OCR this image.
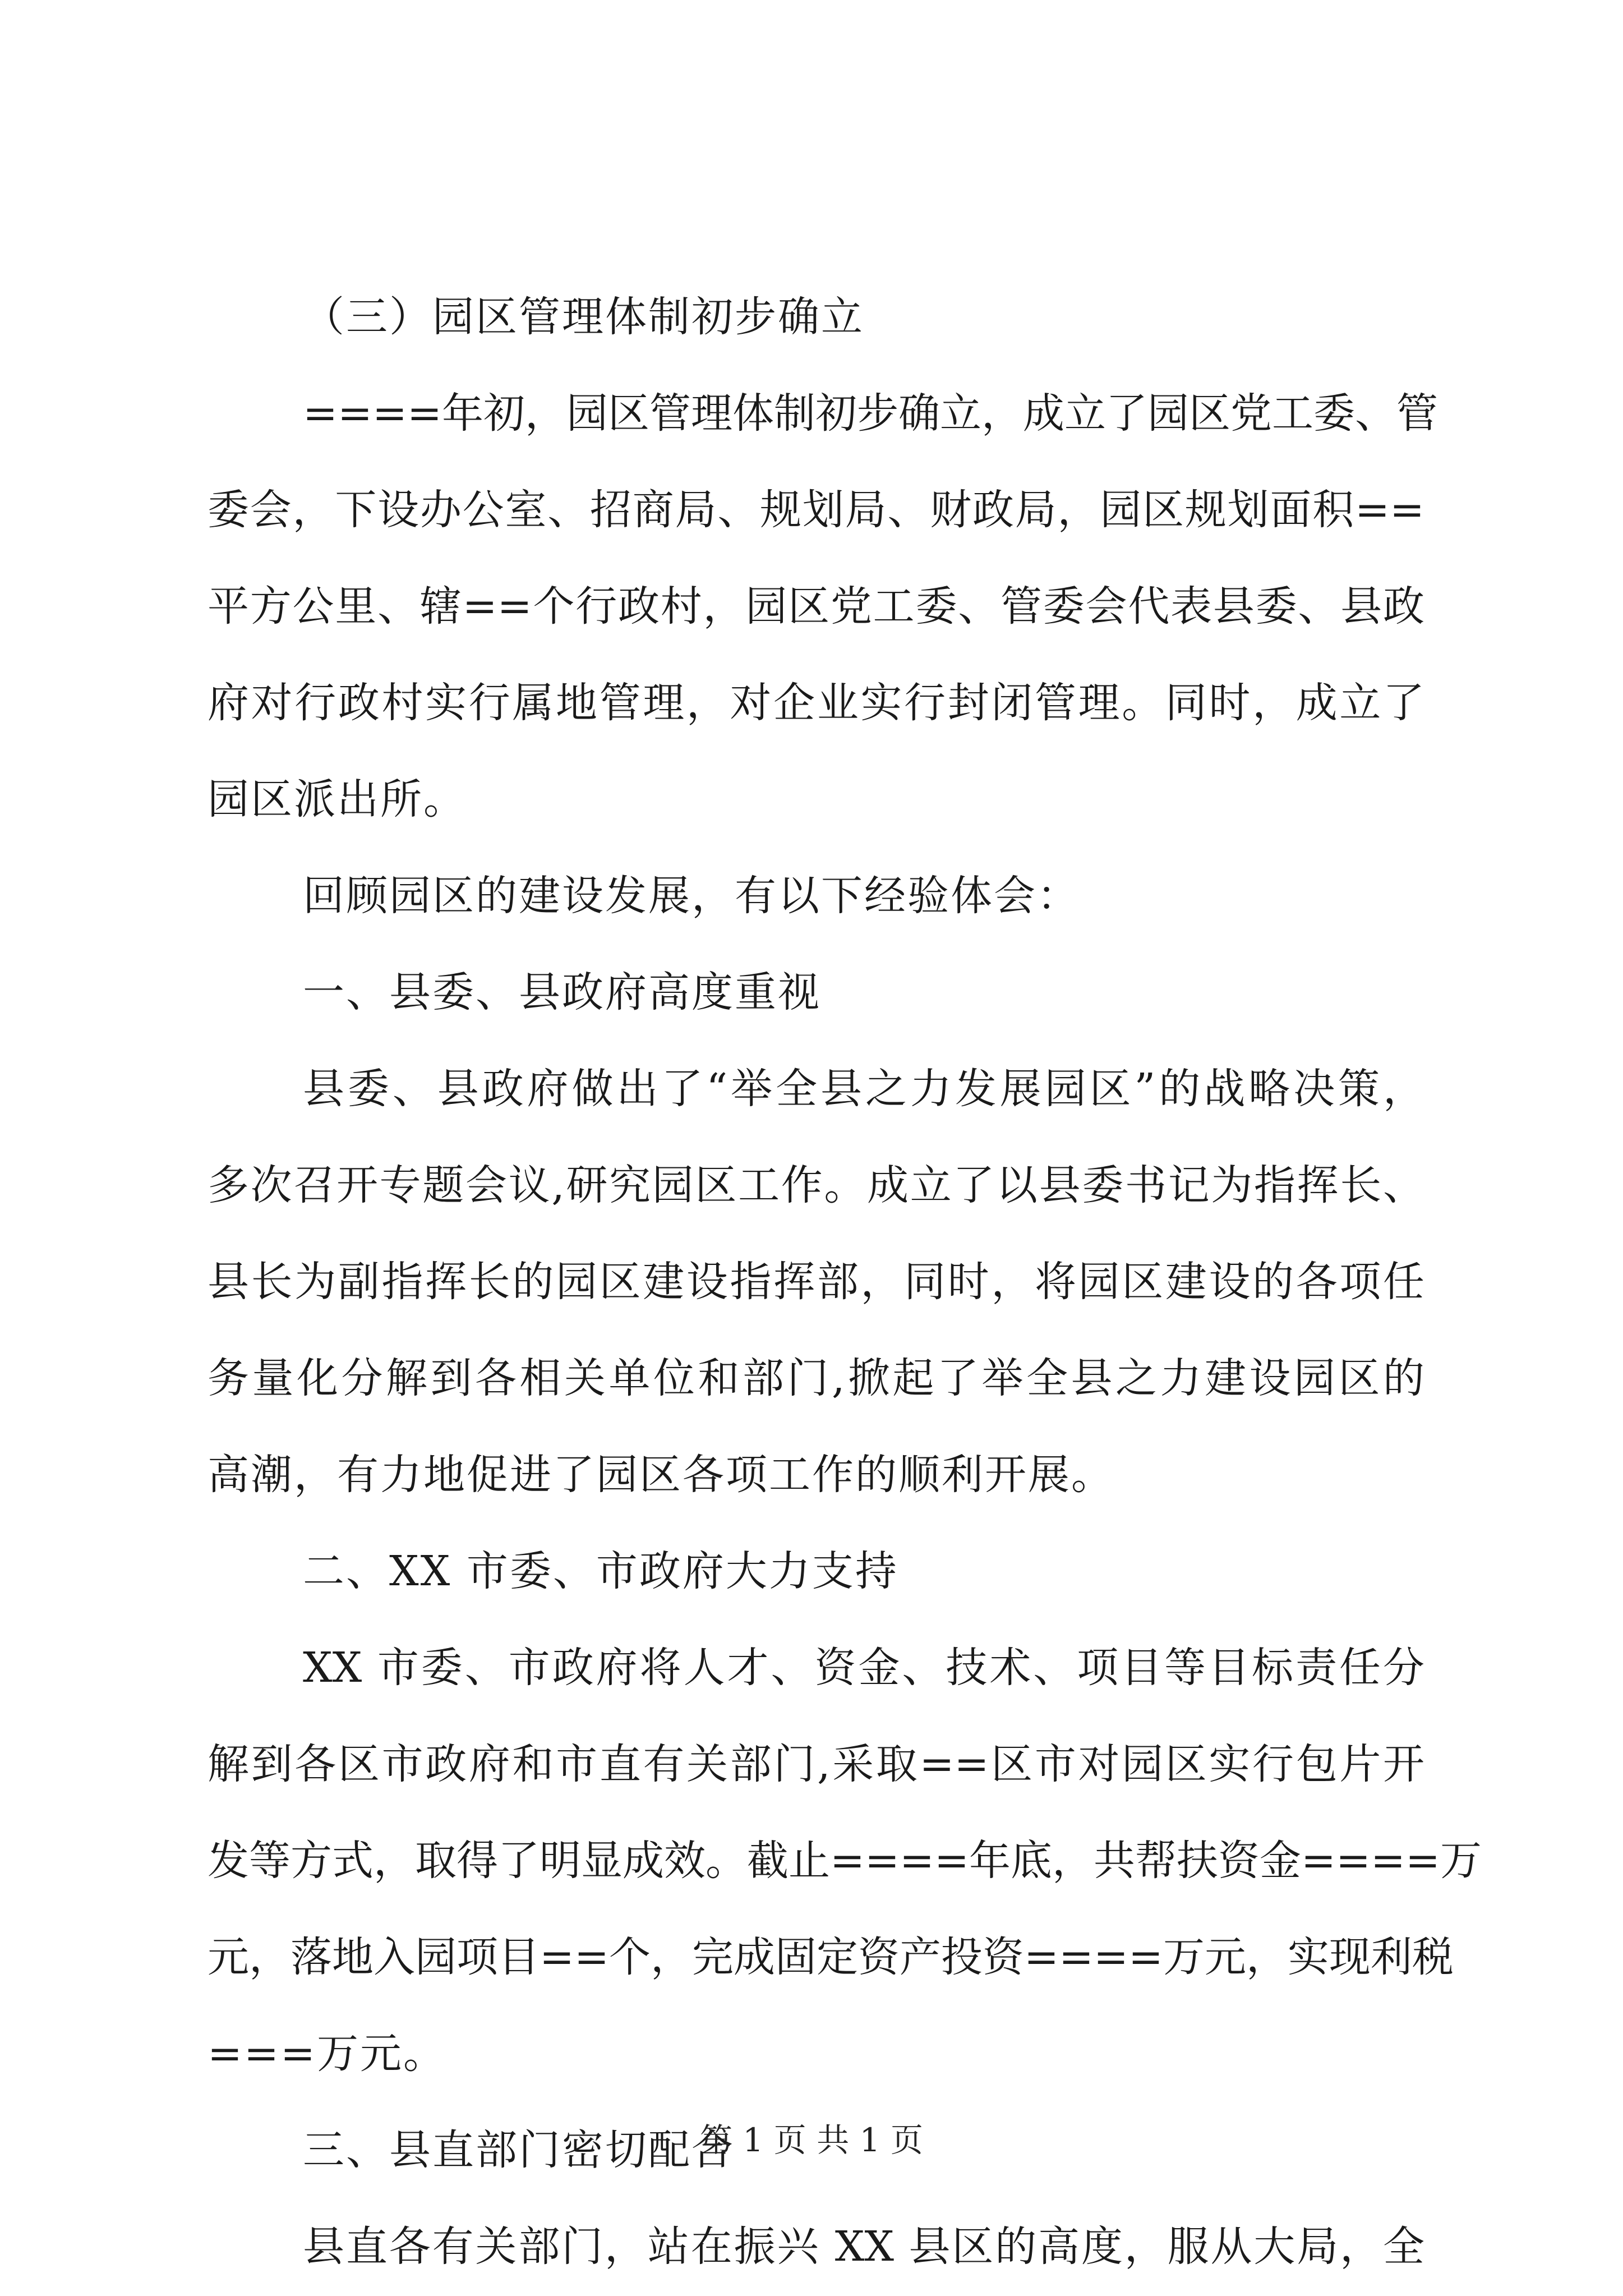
（三）园区管理体制初步确立
====年初，园区管理体制初步确立，成立了园区党工委、管
委会，下设办公室、招商局、规划局、财政局，园区规划面积==
平方公里、辖==个行政村，园区党工委、管委会代表县委、县政
府对行政村实行属地管理，对企业实行封闭管理。同时，成立了
园区派出所。
回顾园区的建设发展，有以下经验体会：
一、县委、县政府高度重视
县委、县政府做出了“举全县之力发展园区”的战略决策，
多次召开专题会议,研究园区工作。成立了以县委书记为指挥长、
县长为副指挥长的园区建设指挥部，同时，将园区建设的各项任
务量化分解到各相关单位和部门,掀起了举全县之力建设园区的
高潮，有力地促进了园区各项工作的顺利开展。
二、XX 市委、市政府大力支持
XX 市委、市政府将人才、资金、技术、项目等目标责任分
解到各区市政府和市直有关部门,采取==区市对园区实行包片开
发等方式，取得了明显成效。截止====年底，共帮扶资金====万
元，落地入园项目==个，完成固定资产投资====万元，实现利税
===万元。
三、县直部门密切配合
县直各有关部门，站在振兴 XX 县区的高度，服从大局，全
第 1 页 共 1 页
